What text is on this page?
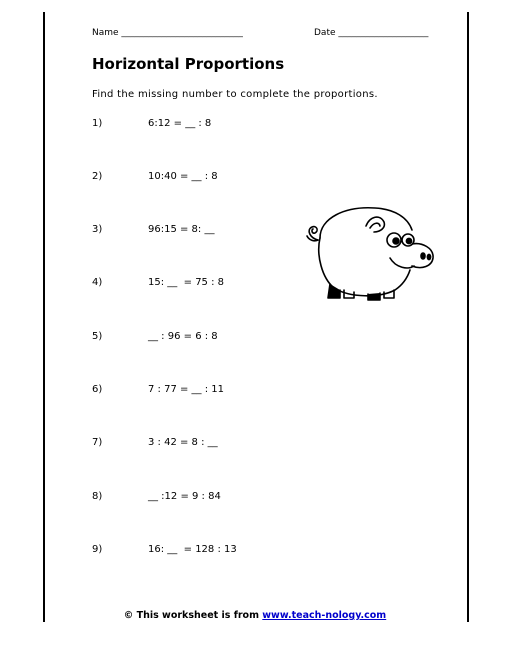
Name ___________________________	Date ____________________
Horizontal Proportions
Find the missing number to complete the proportions.
1)	6:12 = __ : 8
2)	10:40 = __ : 8
3)	96:15 = 8: __
4)	15: __  = 75 : 8
5)	__ : 96 = 6 : 8
6)	7 : 77 = __ : 11
7)	3 : 42 = 8 : __
8)	__ :12 = 9 : 84
9)	16: __  = 128 : 13
© This worksheet is from www.teach-nology.com
